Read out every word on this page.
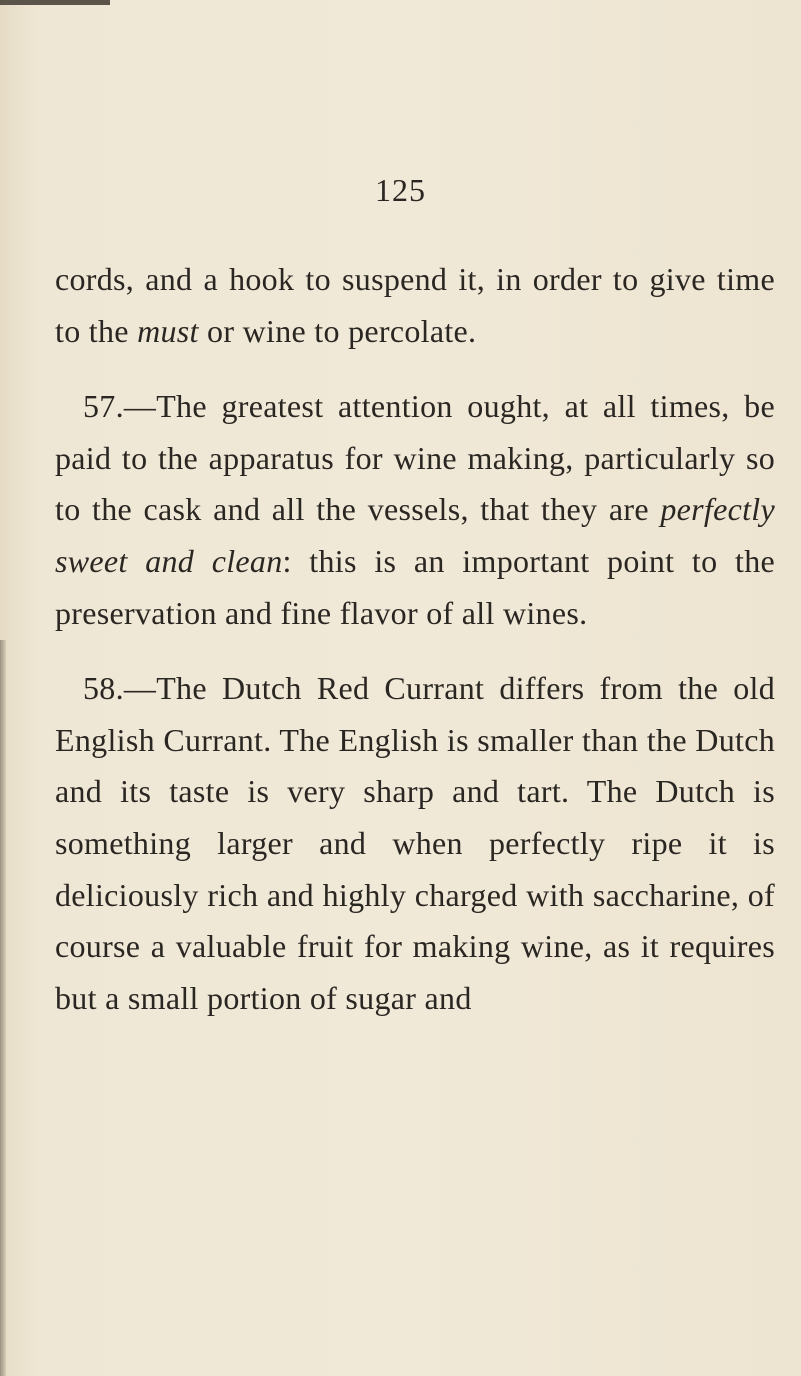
125

cords, and a hook to suspend it, in order to give time to the must or wine to percolate.

57.—The greatest attention ought, at all times, be paid to the apparatus for wine making, particularly so to the cask and all the vessels, that they are perfectly sweet and clean: this is an important point to the preservation and fine flavor of all wines.

58.—The Dutch Red Currant differs from the old English Currant. The English is smaller than the Dutch and its taste is very sharp and tart. The Dutch is something larger and when perfectly ripe it is deliciously rich and highly charged with saccharine, of course a valuable fruit for making wine, as it requires but a small portion of sugar and
